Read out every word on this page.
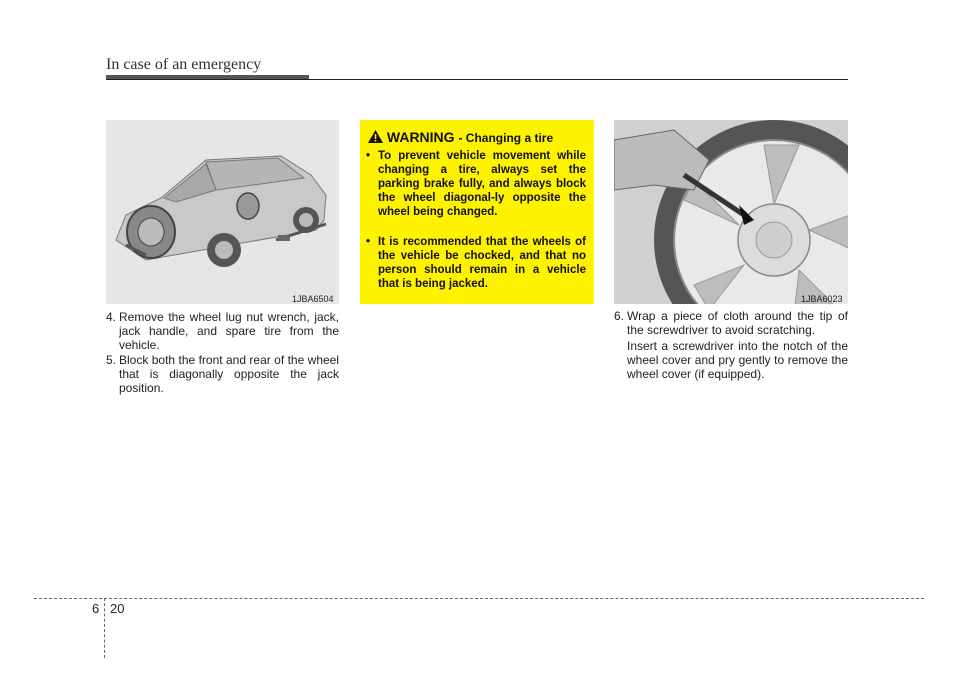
In case of an emergency
1JBA6504
4. Remove the wheel lug nut wrench, jack, jack handle, and spare tire from the vehicle.
5. Block both the front and rear of the wheel that is diagonally opposite the jack position.
WARNING - Changing a tire
• To prevent vehicle movement while changing a tire, always set the parking brake fully, and always block the wheel diagonal-ly opposite the wheel being changed.
• It is recommended that the wheels of the vehicle be chocked, and that no person should remain in a vehicle that is being jacked.
1JBA6023
6. Wrap a piece of cloth around the tip of the screwdriver to avoid scratching.
Insert a screwdriver into the notch of the wheel cover and pry gently to remove the wheel cover (if equipped).
6 20
